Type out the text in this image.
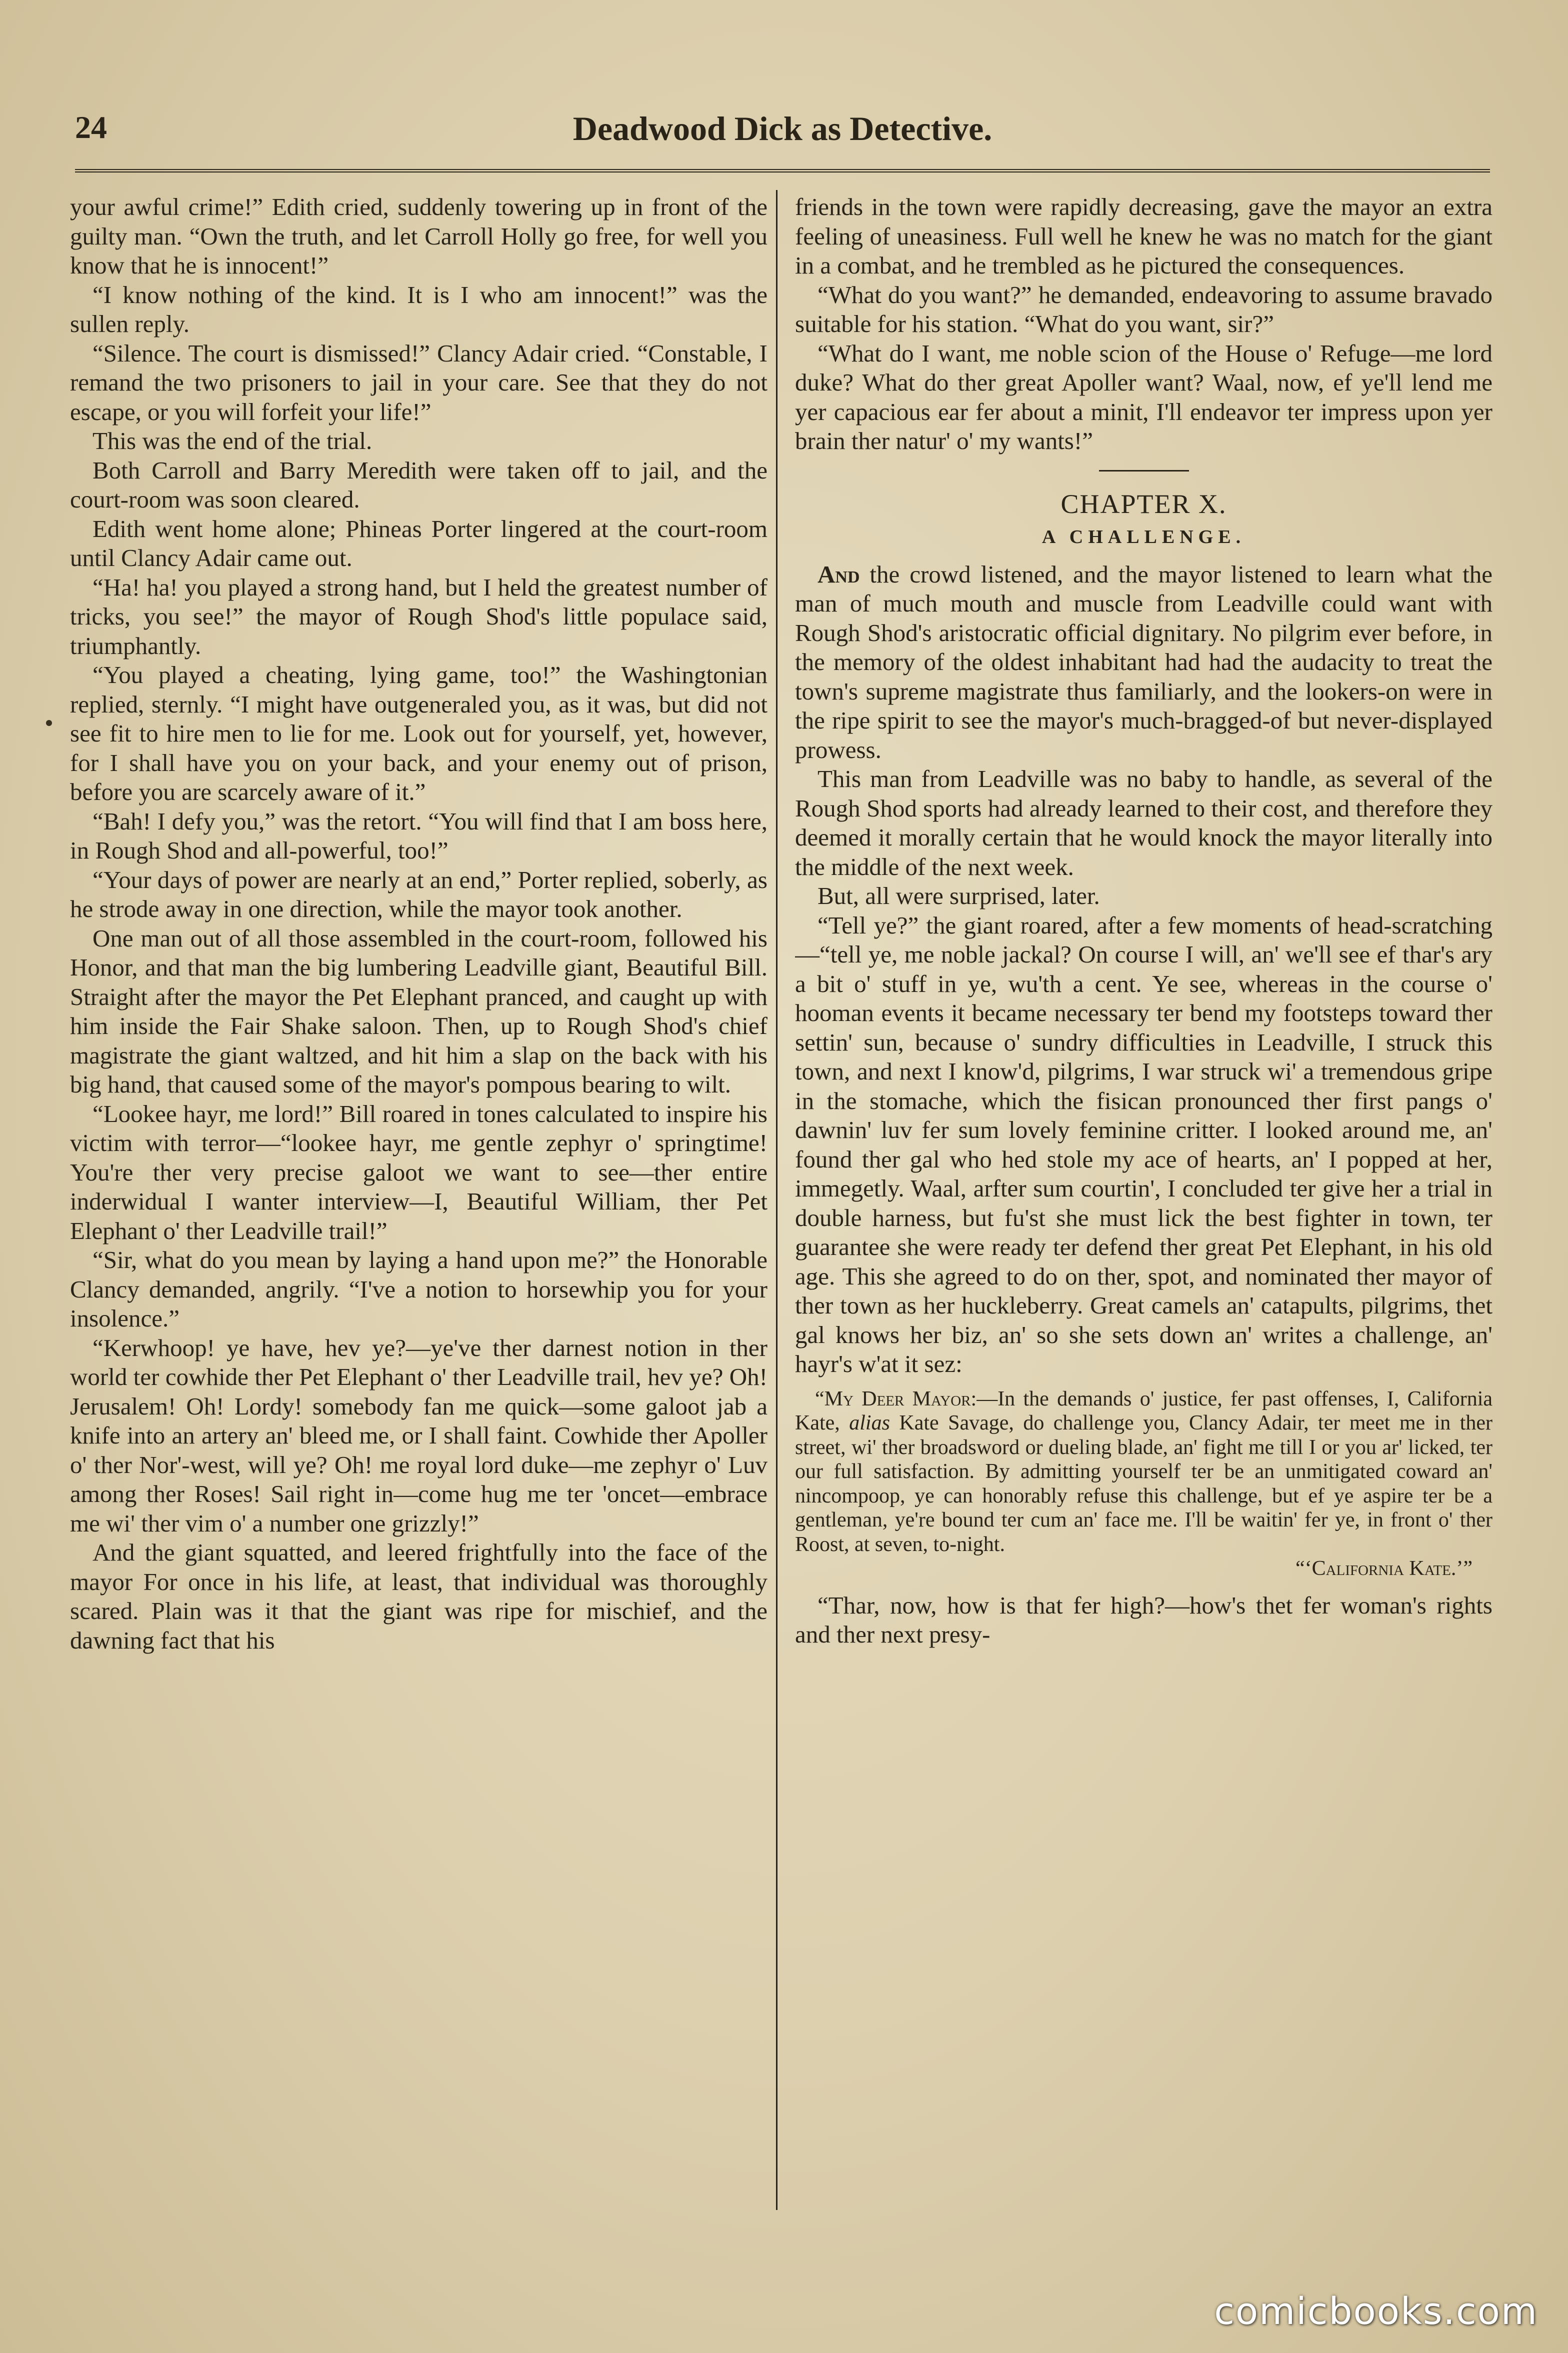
24	Deadwood Dick as Detective.

your awful crime!” Edith cried, suddenly towering up in front of the guilty man. “Own the truth, and let Carroll Holly go free, for well you know that he is innocent!”

“I know nothing of the kind. It is I who am innocent!” was the sullen reply.

“Silence. The court is dismissed!” Clancy Adair cried. “Constable, I remand the two prisoners to jail in your care. See that they do not escape, or you will forfeit your life!”

This was the end of the trial.

Both Carroll and Barry Meredith were taken off to jail, and the court-room was soon cleared.

Edith went home alone; Phineas Porter lingered at the court-room until Clancy Adair came out.

“Ha! ha! you played a strong hand, but I held the greatest number of tricks, you see!” the mayor of Rough Shod's little populace said, triumphantly.

“You played a cheating, lying game, too!” the Washingtonian replied, sternly. “I might have outgeneraled you, as it was, but did not see fit to hire men to lie for me. Look out for yourself, yet, however, for I shall have you on your back, and your enemy out of prison, before you are scarcely aware of it.”

“Bah! I defy you,” was the retort. “You will find that I am boss here, in Rough Shod and all-powerful, too!”

“Your days of power are nearly at an end,” Porter replied, soberly, as he strode away in one direction, while the mayor took another.

One man out of all those assembled in the court-room, followed his Honor, and that man the big lumbering Leadville giant, Beautiful Bill. Straight after the mayor the Pet Elephant pranced, and caught up with him inside the Fair Shake saloon. Then, up to Rough Shod's chief magistrate the giant waltzed, and hit him a slap on the back with his big hand, that caused some of the mayor's pompous bearing to wilt.

“Lookee hayr, me lord!” Bill roared in tones calculated to inspire his victim with terror—“lookee hayr, me gentle zephyr o' springtime! You're ther very precise galoot we want to see—ther entire inderwidual I wanter interview—I, Beautiful William, ther Pet Elephant o' ther Leadville trail!”

“Sir, what do you mean by laying a hand upon me?” the Honorable Clancy demanded, angrily. “I've a notion to horsewhip you for your insolence.”

“Kerwhoop! ye have, hev ye?—ye've ther darnest notion in ther world ter cowhide ther Pet Elephant o' ther Leadville trail, hev ye? Oh! Jerusalem! Oh! Lordy! somebody fan me quick—some galoot jab a knife into an artery an' bleed me, or I shall faint. Cowhide ther Apoller o' ther Nor'-west, will ye? Oh! me royal lord duke—me zephyr o' Luv among ther Roses! Sail right in—come hug me ter 'oncet—embrace me wi' ther vim o' a number one grizzly!”

And the giant squatted, and leered frightfully into the face of the mayor For once in his life, at least, that individual was thoroughly scared. Plain was it that the giant was ripe for mischief, and the dawning fact that his

friends in the town were rapidly decreasing, gave the mayor an extra feeling of uneasiness. Full well he knew he was no match for the giant in a combat, and he trembled as he pictured the consequences.

“What do you want?” he demanded, endeavoring to assume bravado suitable for his station. “What do you want, sir?”

“What do I want, me noble scion of the House o' Refuge—me lord duke? What do ther great Apoller want? Waal, now, ef ye'll lend me yer capacious ear fer about a minit, I'll endeavor ter impress upon yer brain ther natur' o' my wants!”

CHAPTER X.
A CHALLENGE.

And the crowd listened, and the mayor listened to learn what the man of much mouth and muscle from Leadville could want with Rough Shod's aristocratic official dignitary. No pilgrim ever before, in the memory of the oldest inhabitant had had the audacity to treat the town's supreme magistrate thus familiarly, and the lookers-on were in the ripe spirit to see the mayor's much-bragged-of but never-displayed prowess.

This man from Leadville was no baby to handle, as several of the Rough Shod sports had already learned to their cost, and therefore they deemed it morally certain that he would knock the mayor literally into the middle of the next week.

But, all were surprised, later.

“Tell ye?” the giant roared, after a few moments of head-scratching—“tell ye, me noble jackal? On course I will, an' we'll see ef thar's ary a bit o' stuff in ye, wu'th a cent. Ye see, whereas in the course o' hooman events it became necessary ter bend my footsteps toward ther settin' sun, because o' sundry difficulties in Leadville, I struck this town, and next I know'd, pilgrims, I war struck wi' a tremendous gripe in the stomache, which the fisican pronounced ther first pangs o' dawnin' luv fer sum lovely feminine critter. I looked around me, an' found ther gal who hed stole my ace of hearts, an' I popped at her, immegetly. Waal, arfter sum courtin', I concluded ter give her a trial in double harness, but fu'st she must lick the best fighter in town, ter guarantee she were ready ter defend ther great Pet Elephant, in his old age. This she agreed to do on ther, spot, and nominated ther mayor of ther town as her huckleberry. Great camels an' catapults, pilgrims, thet gal knows her biz, an' so she sets down an' writes a challenge, an' hayr's w'at it sez:

“My Deer Mayor:—In the demands o' justice, fer past offenses, I, California Kate, alias Kate Savage, do challenge you, Clancy Adair, ter meet me in ther street, wi' ther broadsword or dueling blade, an' fight me till I or you ar' licked, ter our full satisfaction. By admitting yourself ter be an unmitigated coward an' nincompoop, ye can honorably refuse this challenge, but ef ye aspire ter be a gentleman, ye're bound ter cum an' face me. I'll be waitin' fer ye, in front o' ther Roost, at seven, to-night.

“‘California Kate.’”

“Thar, now, how is that fer high?—how's thet fer woman's rights and ther next presy-

comicbooks.com
